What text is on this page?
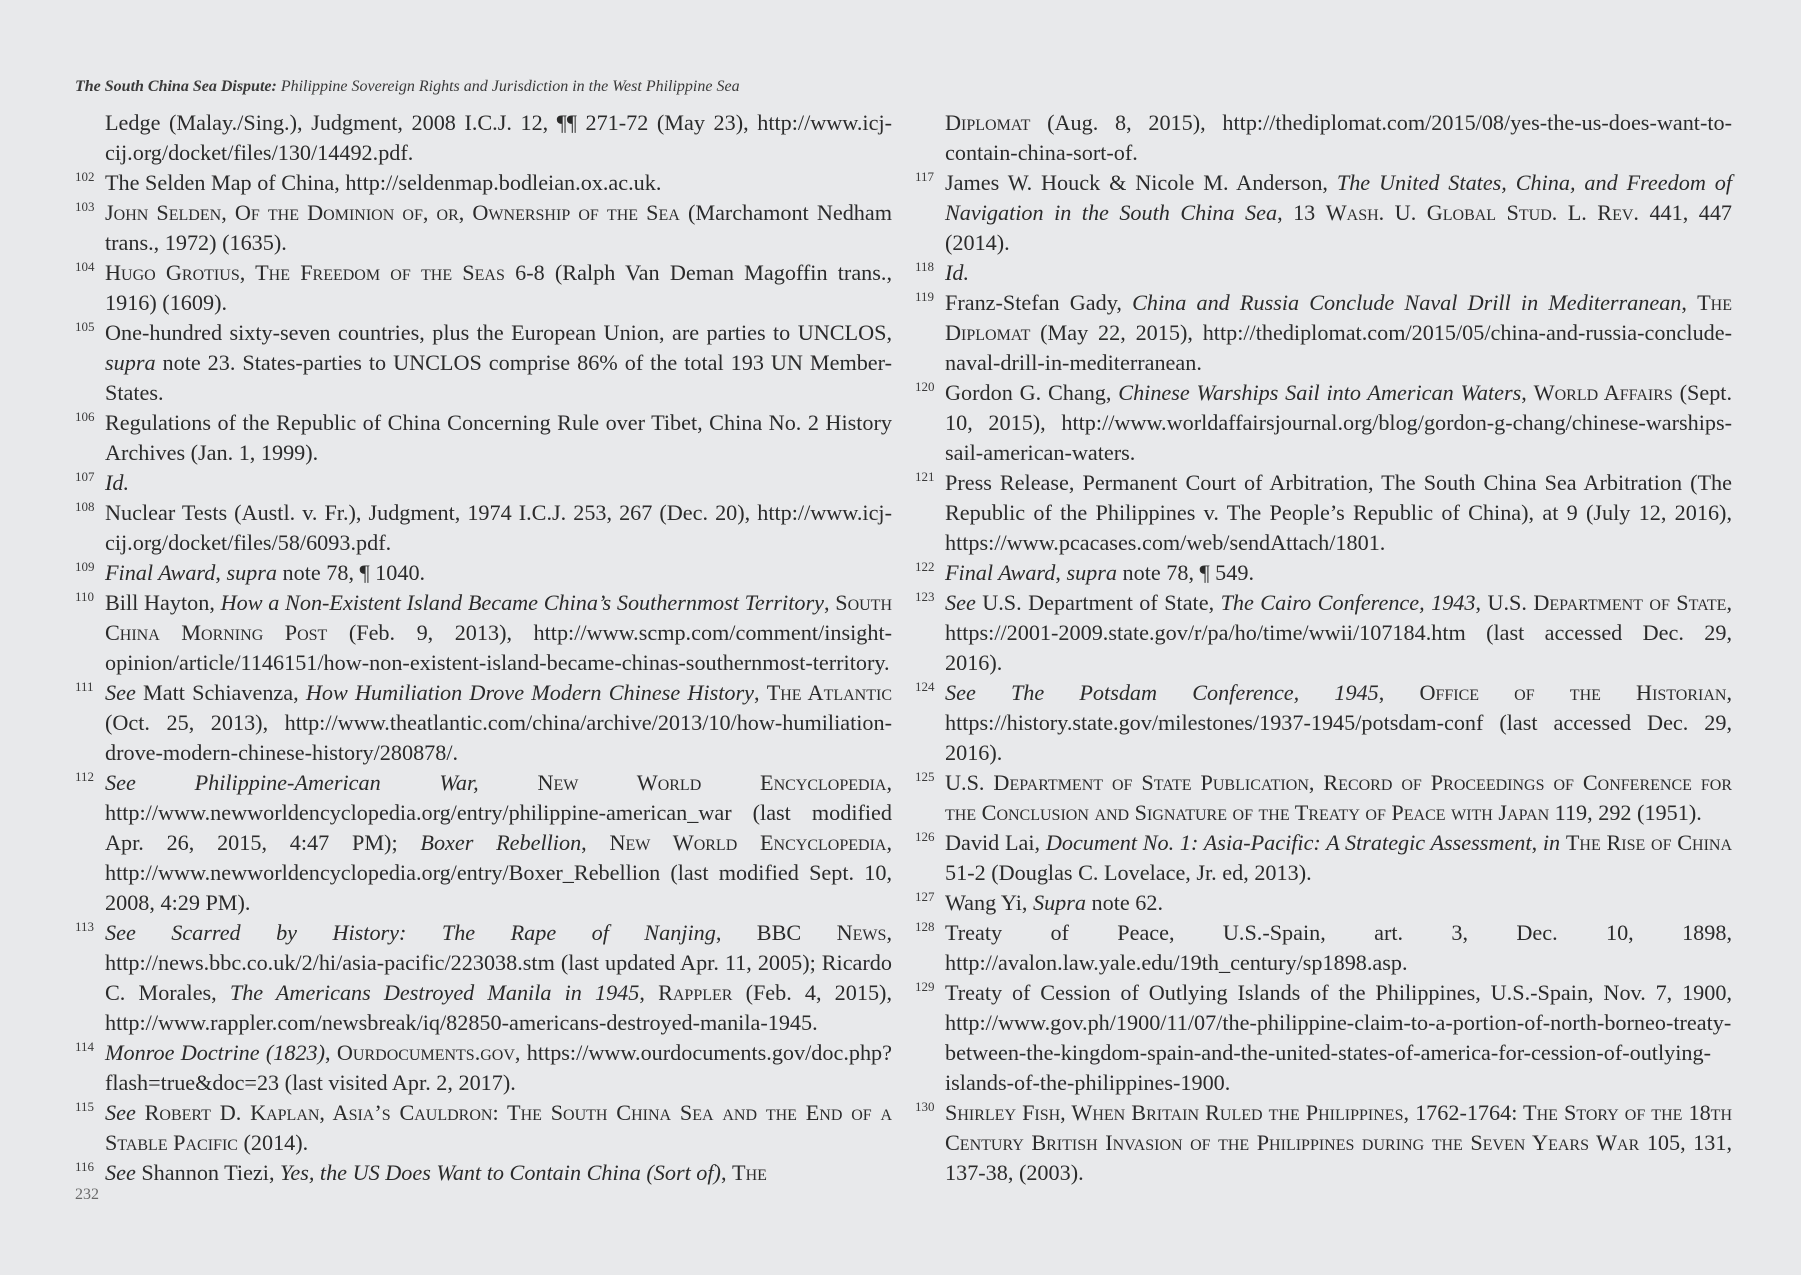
The South China Sea Dispute: Philippine Sovereign Rights and Jurisdiction in the West Philippine Sea
Ledge (Malay./Sing.), Judgment, 2008 I.C.J. 12, ¶¶ 271-72 (May 23), http://www.icj-cij.org/docket/files/130/14492.pdf.
102 The Selden Map of China, http://seldenmap.bodleian.ox.ac.uk.
103 John Selden, Of the Dominion of, or, Ownership of the Sea (Marchamont Nedham trans., 1972) (1635).
104 Hugo Grotius, The Freedom of the Seas 6-8 (Ralph Van Deman Magoffin trans., 1916) (1609).
105 One-hundred sixty-seven countries, plus the European Union, are parties to UNCLOS, supra note 23. States-parties to UNCLOS comprise 86% of the total 193 UN Member-States.
106 Regulations of the Republic of China Concerning Rule over Tibet, China No. 2 History Archives (Jan. 1, 1999).
107 Id.
108 Nuclear Tests (Austl. v. Fr.), Judgment, 1974 I.C.J. 253, 267 (Dec. 20), http://www.icj-cij.org/docket/files/58/6093.pdf.
109 Final Award, supra note 78, ¶ 1040.
110 Bill Hayton, How a Non-Existent Island Became China’s Southernmost Territory, South China Morning Post (Feb. 9, 2013), http://www.scmp.com/comment/insight-opinion/article/1146151/how-non-existent-island-became-chinas-southernmost-territory.
111 See Matt Schiavenza, How Humiliation Drove Modern Chinese History, The Atlantic (Oct. 25, 2013), http://www.theatlantic.com/china/archive/2013/10/how-humiliation-drove-modern-chinese-history/280878/.
112 See	Philippine-American War,	New World Encyclopedia, http://www.newworldencyclopedia.org/entry/philippine-american_war (last modified Apr. 26, 2015, 4:47 PM); Boxer Rebellion, New World Encyclopedia, http://www.newworldencyclopedia.org/entry/Boxer_Rebellion (last modified Sept. 10, 2008, 4:29 PM).
113 See Scarred by History: The Rape of Nanjing, BBC News, http://news.bbc.co.uk/2/hi/asia-pacific/223038.stm (last updated Apr. 11, 2005); Ricardo C. Morales, The Americans Destroyed Manila in 1945, Rappler (Feb. 4, 2015), http://www.rappler.com/newsbreak/iq/82850-americans-destroyed-manila-1945.
114 Monroe Doctrine (1823), Ourdocuments.gov, https://www.ourdocuments.gov/doc.php?flash=true&doc=23 (last visited Apr. 2, 2017).
115 See Robert D. Kaplan, Asia’s Cauldron: The South China Sea and the End of a Stable Pacific (2014).
116 See Shannon Tiezi, Yes, the US Does Want to Contain China (Sort of), The
Diplomat (Aug. 8, 2015), http://thediplomat.com/2015/08/yes-the-us-does-want-to-contain-china-sort-of.
117 James W. Houck & Nicole M. Anderson, The United States, China, and Freedom of Navigation in the South China Sea, 13 Wash. U. Global Stud. L. Rev. 441, 447 (2014).
118 Id.
119 Franz-Stefan Gady, China and Russia Conclude Naval Drill in Mediterranean, The Diplomat (May 22, 2015), http://thediplomat.com/2015/05/china-and-russia-conclude-naval-drill-in-mediterranean.
120 Gordon G. Chang, Chinese Warships Sail into American Waters, World Affairs (Sept. 10, 2015), http://www.worldaffairsjournal.org/blog/gordon-g-chang/chinese-warships-sail-american-waters.
121 Press Release, Permanent Court of Arbitration, The South China Sea Arbitration (The Republic of the Philippines v. The People’s Republic of China), at 9 (July 12, 2016), https://www.pcacases.com/web/sendAttach/1801.
122 Final Award, supra note 78, ¶ 549.
123 See U.S. Department of State, The Cairo Conference, 1943, U.S. Department of State, https://2001-2009.state.gov/r/pa/ho/time/wwii/107184.htm (last accessed Dec. 29, 2016).
124 See The Potsdam Conference, 1945, Office of the Historian, https://history.state.gov/milestones/1937-1945/potsdam-conf (last accessed Dec. 29, 2016).
125 U.S. Department of State Publication, Record of Proceedings of Conference for the Conclusion and Signature of the Treaty of Peace with Japan 119, 292 (1951).
126 David Lai, Document No. 1: Asia-Pacific: A Strategic Assessment, in The Rise of China 51-2 (Douglas C. Lovelace, Jr. ed, 2013).
127 Wang Yi, Supra note 62.
128 Treaty of Peace, U.S.-Spain, art. 3, Dec. 10, 1898, http://avalon.law.yale.edu/19th_century/sp1898.asp.
129 Treaty of Cession of Outlying Islands of the Philippines, U.S.-Spain, Nov. 7, 1900, http://www.gov.ph/1900/11/07/the-philippine-claim-to-a-portion-of-north-borneo-treaty-between-the-kingdom-spain-and-the-united-states-of-america-for-cession-of-outlying-islands-of-the-philippines-1900.
130 Shirley Fish, When Britain Ruled the Philippines, 1762-1764: The Story of the 18th Century British Invasion of the Philippines during the Seven Years War 105, 131, 137-38, (2003).
232
